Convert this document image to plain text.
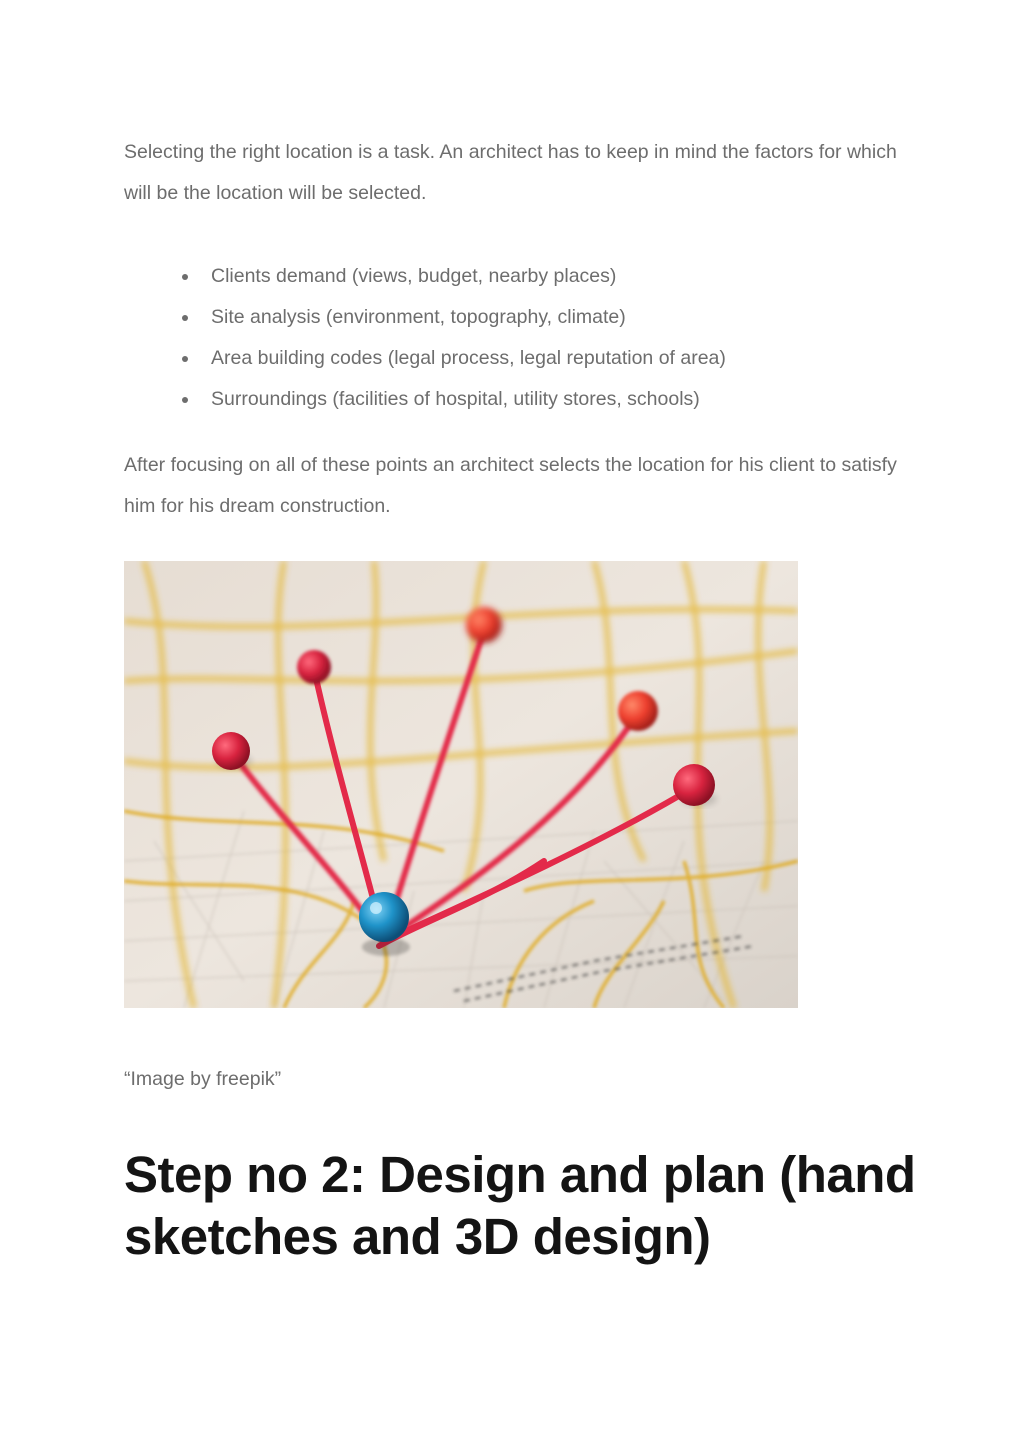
Selecting the right location is a task. An architect has to keep in mind the factors for which will be the location will be selected.

Clients demand (views, budget, nearby places)
Site analysis (environment, topography, climate)
Area building codes (legal process, legal reputation of area)
Surroundings (facilities of hospital, utility stores, schools)

After focusing on all of these points an architect selects the location for his client to satisfy him for his dream construction.

“Image by freepik”

Step no 2: Design and plan (hand sketches and 3D design)
